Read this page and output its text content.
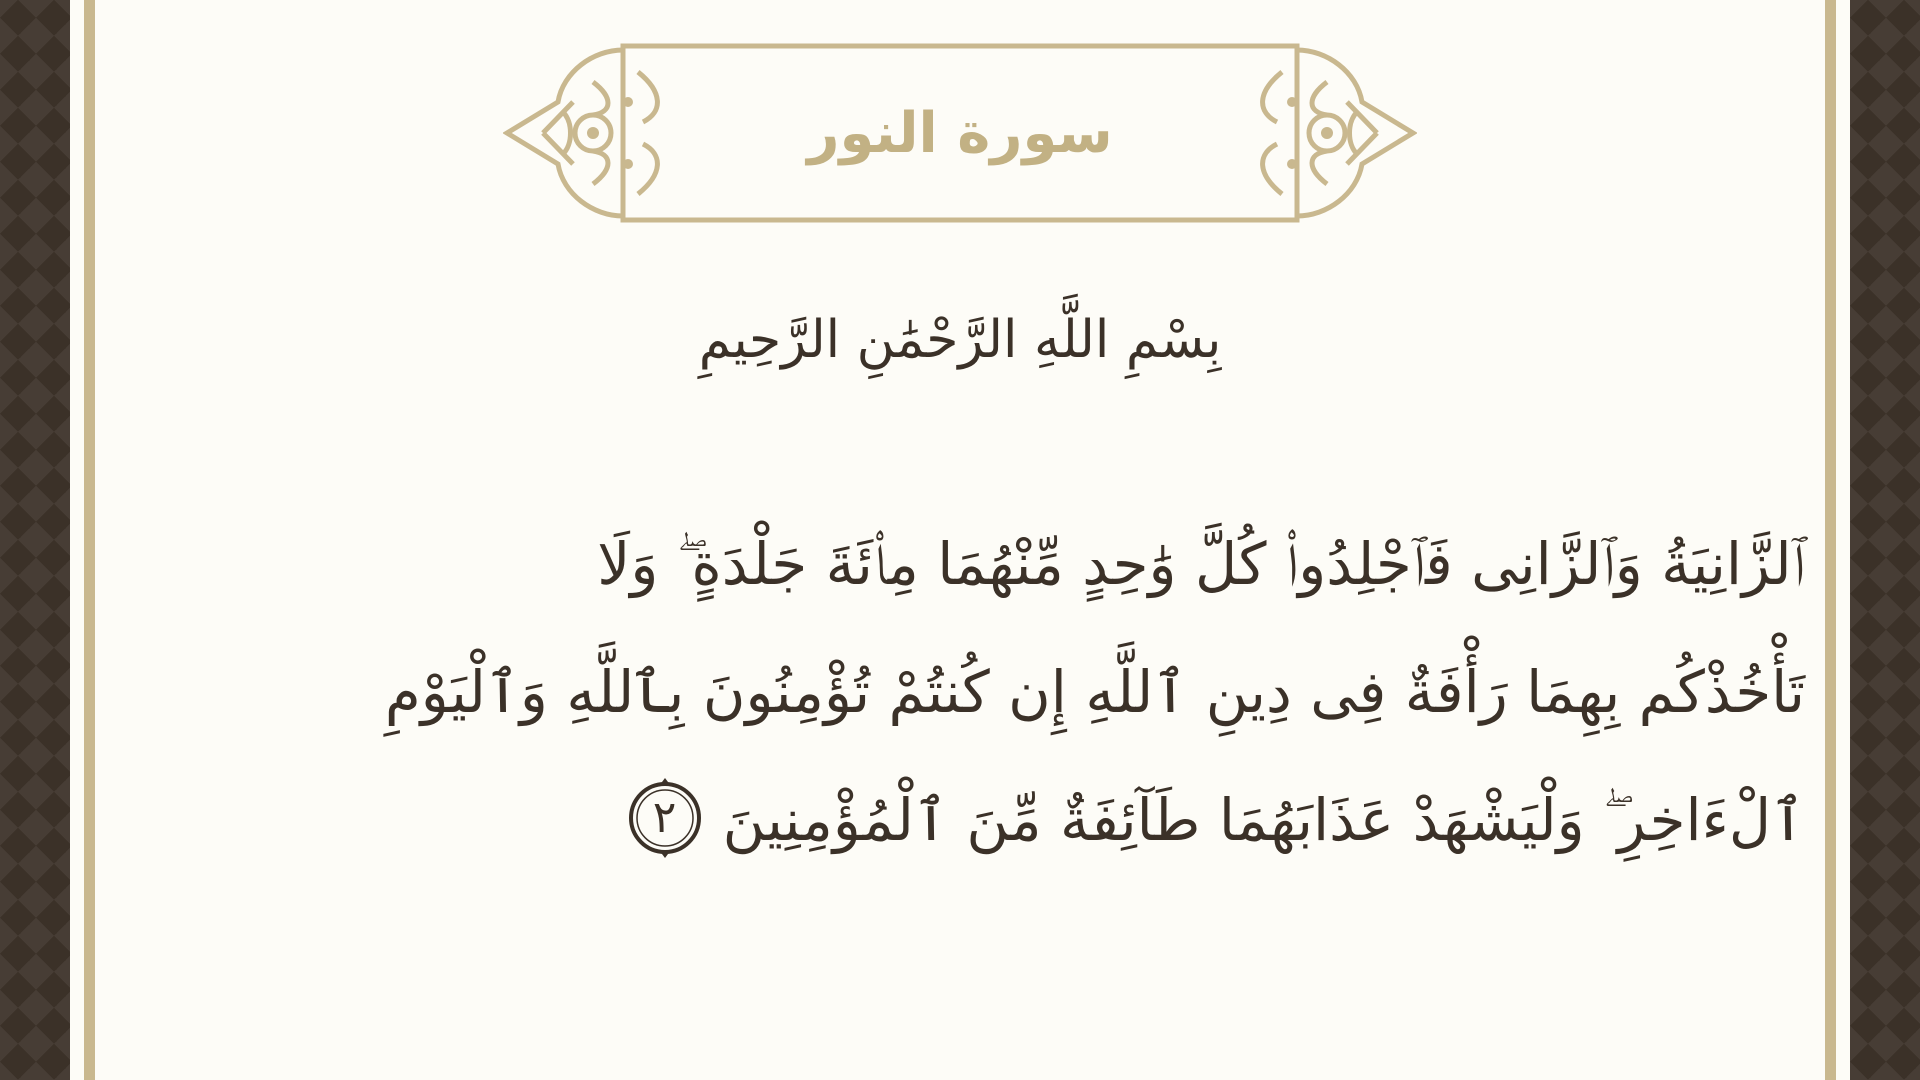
سورة النور
بِسْمِ اللَّهِ الرَّحْمَٰنِ الرَّحِيمِ
ٱلزَّانِيَةُ وَٱلزَّانِى فَٱجْلِدُوا۟ كُلَّ وَٰحِدٍ مِّنْهُمَا مِا۟ئَةَ جَلْدَةٍ ۖ وَلَا
تَأْخُذْكُم بِهِمَا رَأْفَةٌ فِى دِينِ ٱللَّهِ إِن كُنتُمْ تُؤْمِنُونَ بِٱللَّهِ وَٱلْيَوْمِ
ٱلْءَاخِرِ ۖ وَلْيَشْهَدْ عَذَابَهُمَا طَآئِفَةٌ مِّنَ ٱلْمُؤْمِنِينَ
٢
